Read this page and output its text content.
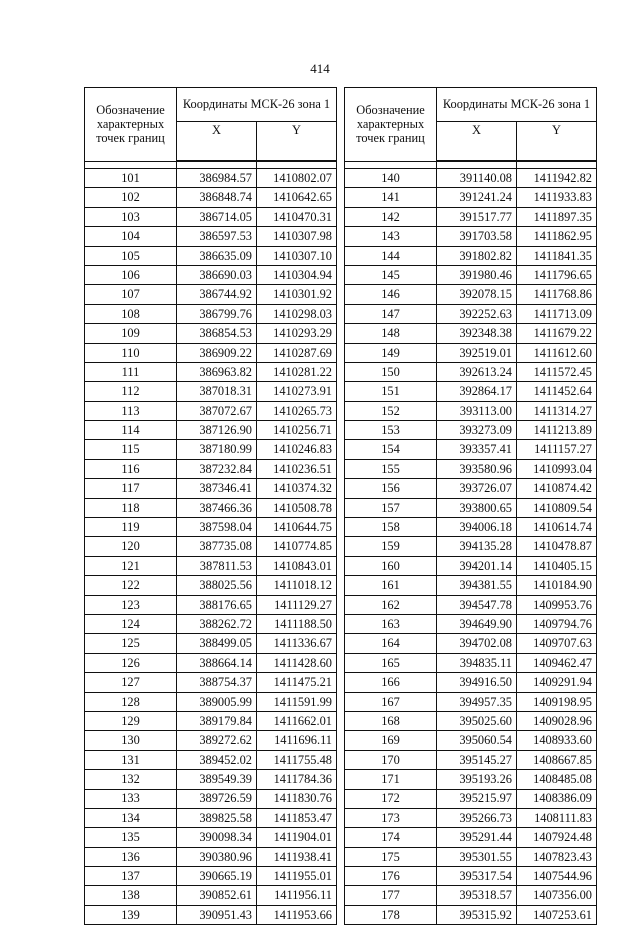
414
Обозначение характерных точек границ	Координаты МСК-26 зона 1	
	X	Y

101	386984.57	1410802.07
102	386848.74	1410642.65
103	386714.05	1410470.31
104	386597.53	1410307.98
105	386635.09	1410307.10
106	386690.03	1410304.94
107	386744.92	1410301.92
108	386799.76	1410298.03
109	386854.53	1410293.29
110	386909.22	1410287.69
111	386963.82	1410281.22
112	387018.31	1410273.91
113	387072.67	1410265.73
114	387126.90	1410256.71
115	387180.99	1410246.83
116	387232.84	1410236.51
117	387346.41	1410374.32
118	387466.36	1410508.78
119	387598.04	1410644.75
120	387735.08	1410774.85
121	387811.53	1410843.01
122	388025.56	1411018.12
123	388176.65	1411129.27
124	388262.72	1411188.50
125	388499.05	1411336.67
126	388664.14	1411428.60
127	388754.37	1411475.21
128	389005.99	1411591.99
129	389179.84	1411662.01
130	389272.62	1411696.11
131	389452.02	1411755.48
132	389549.39	1411784.36
133	389726.59	1411830.76
134	389825.58	1411853.47
135	390098.34	1411904.01
136	390380.96	1411938.41
137	390665.19	1411955.01
138	390852.61	1411956.11
139	390951.43	1411953.66
Обозначение характерных точек границ	Координаты МСК-26 зона 1	
	X	Y

140	391140.08	1411942.82
141	391241.24	1411933.83
142	391517.77	1411897.35
143	391703.58	1411862.95
144	391802.82	1411841.35
145	391980.46	1411796.65
146	392078.15	1411768.86
147	392252.63	1411713.09
148	392348.38	1411679.22
149	392519.01	1411612.60
150	392613.24	1411572.45
151	392864.17	1411452.64
152	393113.00	1411314.27
153	393273.09	1411213.89
154	393357.41	1411157.27
155	393580.96	1410993.04
156	393726.07	1410874.42
157	393800.65	1410809.54
158	394006.18	1410614.74
159	394135.28	1410478.87
160	394201.14	1410405.15
161	394381.55	1410184.90
162	394547.78	1409953.76
163	394649.90	1409794.76
164	394702.08	1409707.63
165	394835.11	1409462.47
166	394916.50	1409291.94
167	394957.35	1409198.95
168	395025.60	1409028.96
169	395060.54	1408933.60
170	395145.27	1408667.85
171	395193.26	1408485.08
172	395215.97	1408386.09
173	395266.73	1408111.83
174	395291.44	1407924.48
175	395301.55	1407823.43
176	395317.54	1407544.96
177	395318.57	1407356.00
178	395315.92	1407253.61
